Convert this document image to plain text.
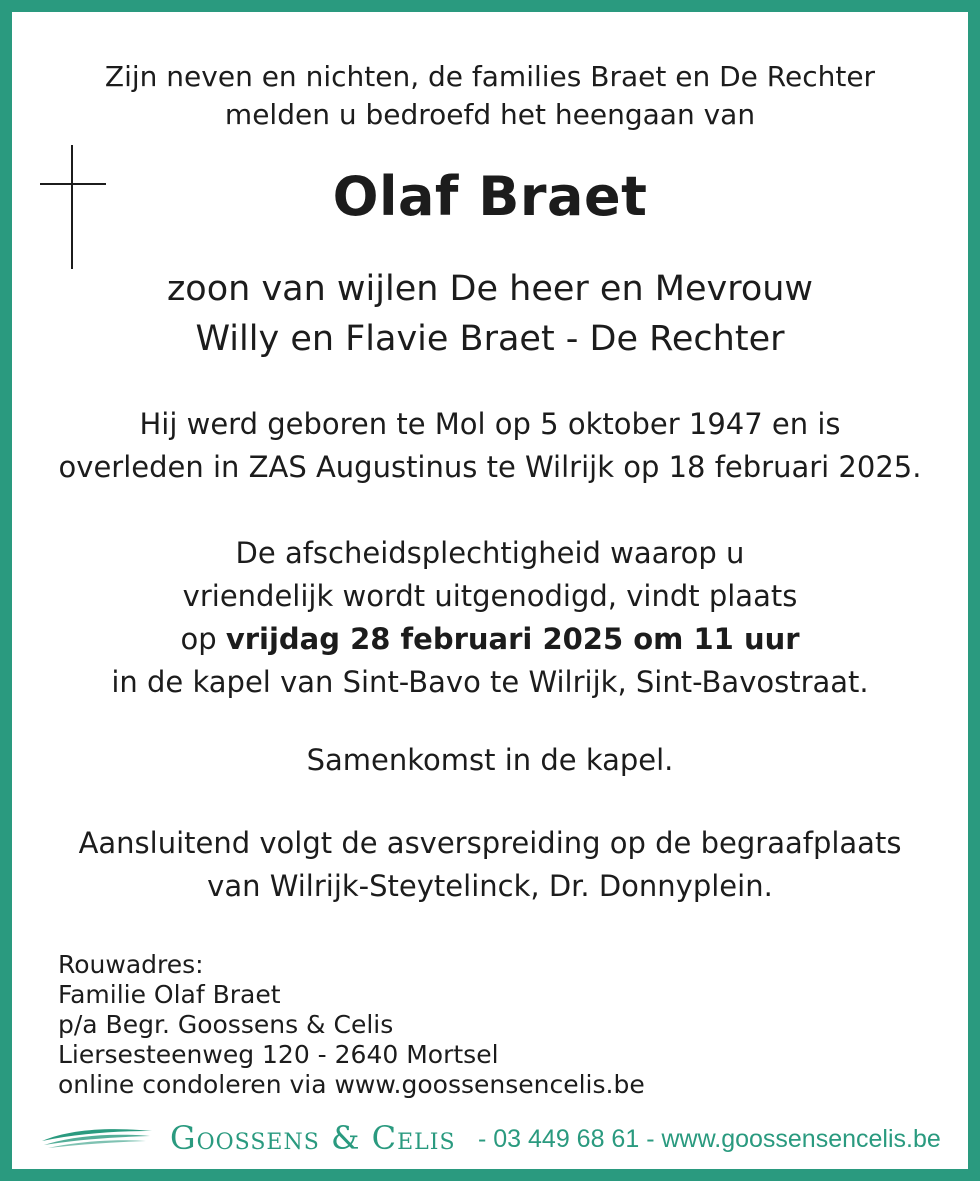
Zijn neven en nichten, de families Braet en De Rechter
melden u bedroefd het heengaan van
Olaf Braet
zoon van wijlen De heer en Mevrouw
Willy en Flavie Braet - De Rechter
Hij werd geboren te Mol op 5 oktober 1947 en is
overleden in ZAS Augustinus te Wilrijk op 18 februari 2025.
De afscheidsplechtigheid waarop u
vriendelijk wordt uitgenodigd, vindt plaats
op vrijdag 28 februari 2025 om 11 uur
in de kapel van Sint-Bavo te Wilrijk, Sint-Bavostraat.
Samenkomst in de kapel.
Aansluitend volgt de asverspreiding op de begraafplaats
van Wilrijk-Steytelinck, Dr. Donnyplein.
Rouwadres:
Familie Olaf Braet
p/a Begr. Goossens & Celis
Liersesteenweg 120 - 2640 Mortsel
online condoleren via www.goossensencelis.be
Goossens & Celis - 03 449 68 61 - www.goossensencelis.be
